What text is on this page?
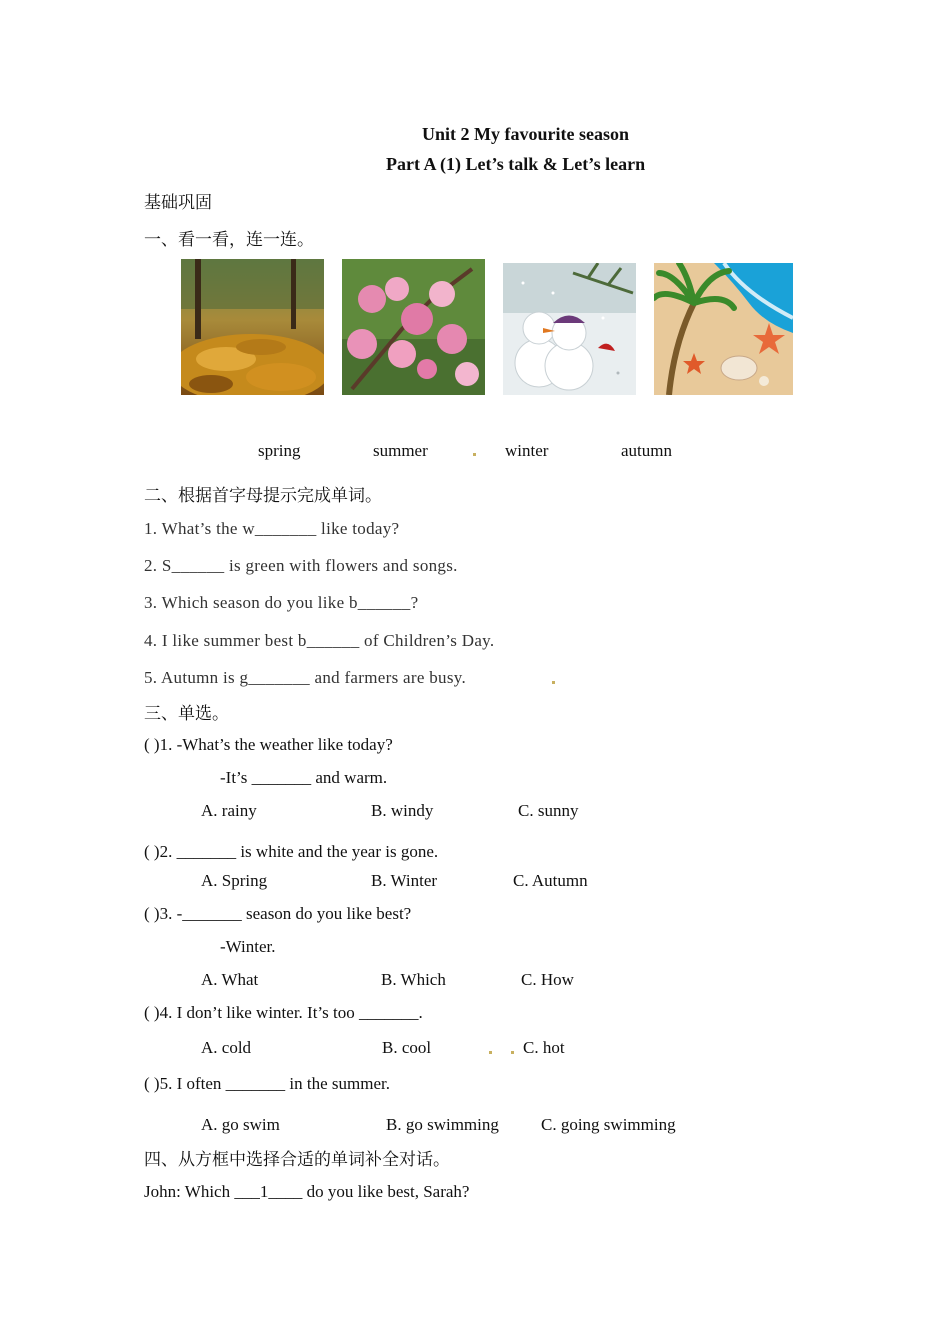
Unit 2 My favourite season
Part A (1) Let’s talk & Let’s learn
基础巩固
一、看一看，连一连。
spring	summer	winter	autumn
二、根据首字母提示完成单词。
1. What’s the w_______ like today?
2. S______ is green with flowers and songs.
3. Which season do you like b______?
4. I like summer best b______ of Children’s Day.
5. Autumn is g_______ and farmers are busy.
三、单选。
( )1. -What’s the weather like today?
-It’s _______ and warm.
A. rainy	B. windy	C. sunny
( )2. _______ is white and the year is gone.
A. Spring	B. Winter	C. Autumn
( )3. -_______ season do you like best?
-Winter.
A. What	B. Which	C. How
( )4. I don’t like winter. It’s too _______.
A. cold	B. cool	C. hot
( )5. I often _______ in the summer.
A. go swim	B. go swimming C. going swimming
四、从方框中选择合适的单词补全对话。
John: Which ___1____ do you like best, Sarah?
